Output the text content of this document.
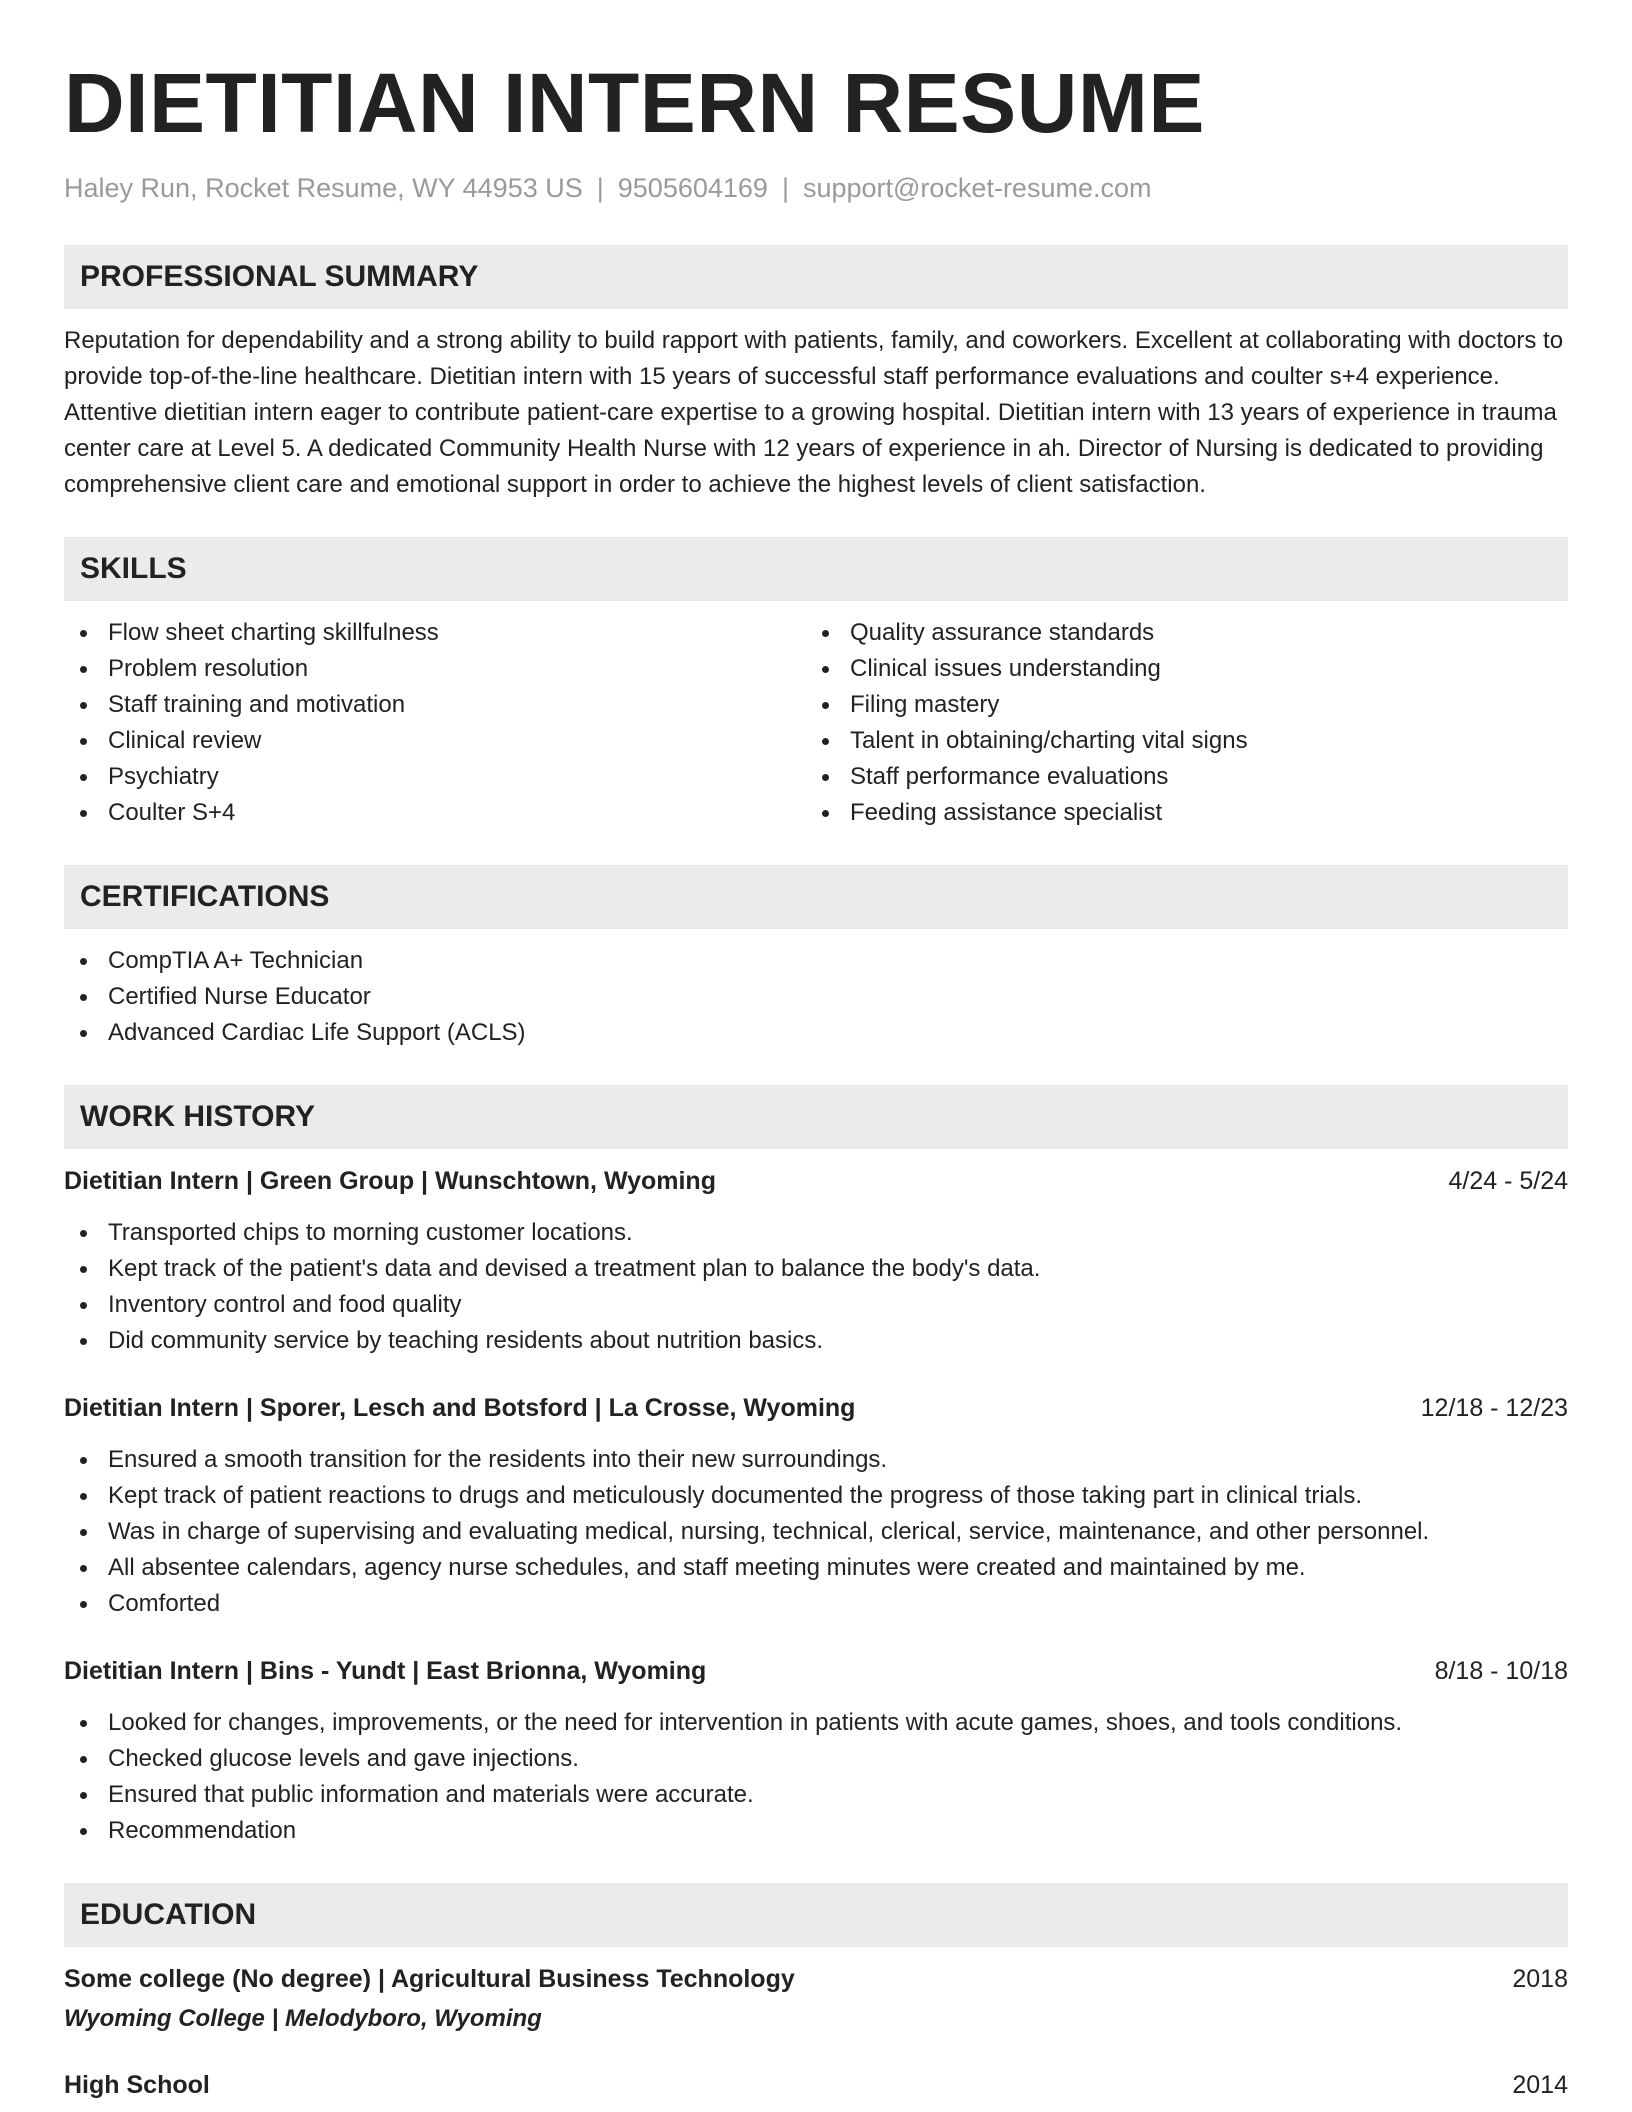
DIETITIAN INTERN RESUME
Haley Run, Rocket Resume, WY 44953 US | 9505604169 | support@rocket-resume.com
PROFESSIONAL SUMMARY

Reputation for dependability and a strong ability to build rapport with patients, family, and coworkers. Excellent at collaborating with doctors to provide top-of-the-line healthcare. Dietitian intern with 15 years of successful staff performance evaluations and coulter s+4 experience. Attentive dietitian intern eager to contribute patient-care expertise to a growing hospital. Dietitian intern with 13 years of experience in trauma center care at Level 5. A dedicated Community Health Nurse with 12 years of experience in ah. Director of Nursing is dedicated to providing comprehensive client care and emotional support in order to achieve the highest levels of client satisfaction.

SKILLS
Flow sheet charting skillfulness
Problem resolution
Staff training and motivation
Clinical review
Psychiatry
Coulter S+4
Quality assurance standards
Clinical issues understanding
Filing mastery
Talent in obtaining/charting vital signs
Staff performance evaluations
Feeding assistance specialist
CERTIFICATIONS
CompTIA A+ Technician
Certified Nurse Educator
Advanced Cardiac Life Support (ACLS)
WORK HISTORY
Dietitian Intern | Green Group | Wunschtown, Wyoming	4/24 - 5/24
Transported chips to morning customer locations.
Kept track of the patient's data and devised a treatment plan to balance the body's data.
Inventory control and food quality
Did community service by teaching residents about nutrition basics.
Dietitian Intern | Sporer, Lesch and Botsford | La Crosse, Wyoming	12/18 - 12/23
Ensured a smooth transition for the residents into their new surroundings.
Kept track of patient reactions to drugs and meticulously documented the progress of those taking part in clinical trials.
Was in charge of supervising and evaluating medical, nursing, technical, clerical, service, maintenance, and other personnel.
All absentee calendars, agency nurse schedules, and staff meeting minutes were created and maintained by me.
Comforted
Dietitian Intern | Bins - Yundt | East Brionna, Wyoming	8/18 - 10/18
Looked for changes, improvements, or the need for intervention in patients with acute games, shoes, and tools conditions.
Checked glucose levels and gave injections.
Ensured that public information and materials were accurate.
Recommendation
EDUCATION
Some college (No degree) | Agricultural Business Technology	2018
Wyoming College | Melodyboro, Wyoming
High School	2014
